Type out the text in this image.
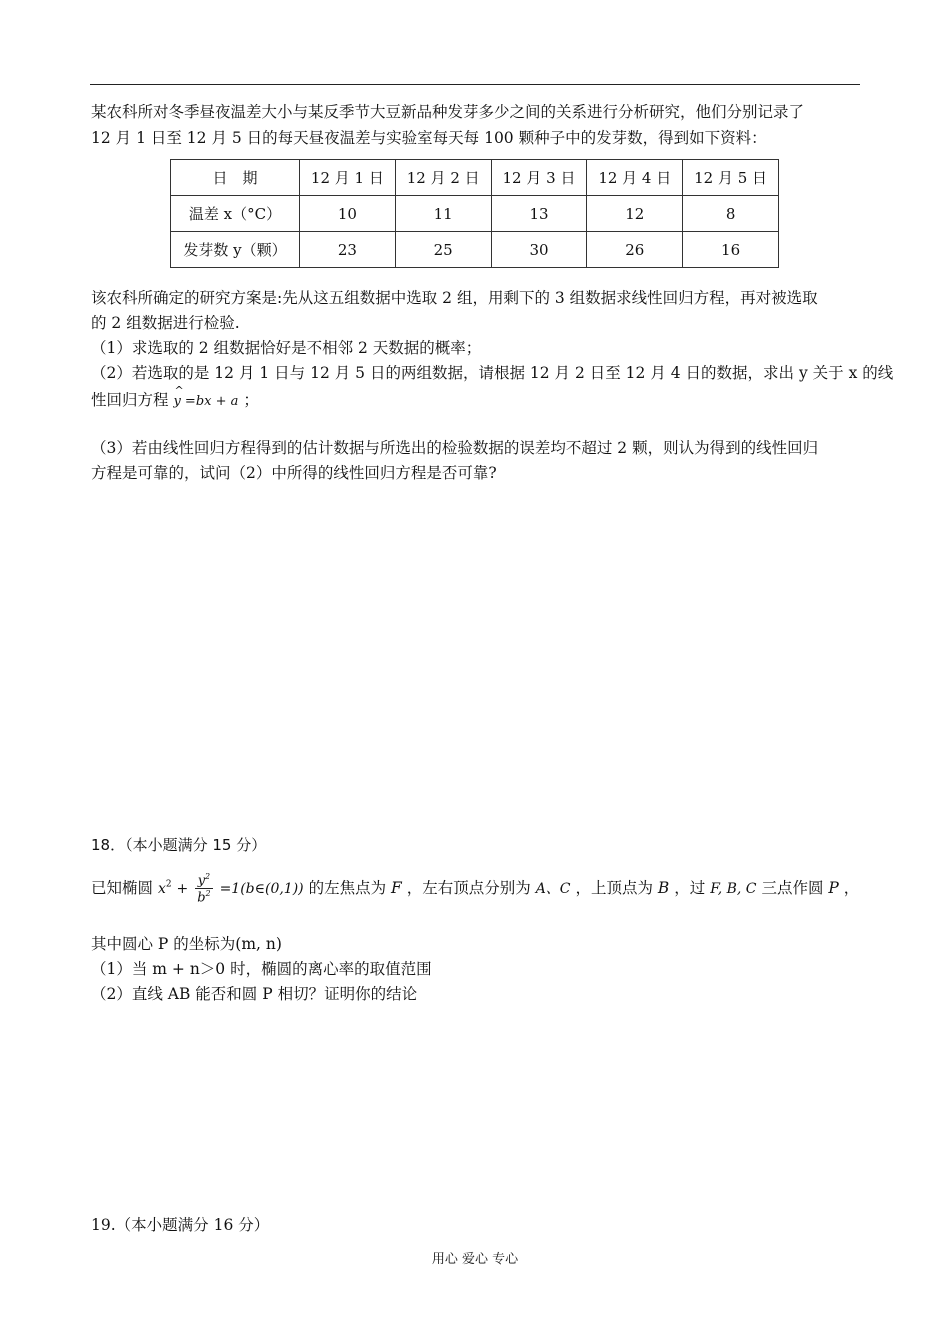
某农科所对冬季昼夜温差大小与某反季节大豆新品种发芽多少之间的关系进行分析研究，他们分别记录了
12 月 1 日至 12 月 5 日的每天昼夜温差与实验室每天每 100 颗种子中的发芽数，得到如下资料：
日　期	12 月 1 日	12 月 2 日	12 月 3 日	12 月 4 日	12 月 5 日
温差 x（°C）	10	11	13	12	8
发芽数 y（颗）	23	25	30	26	16
该农科所确定的研究方案是:先从这五组数据中选取 2 组，用剩下的 3 组数据求线性回归方程，再对被选取
的 2 组数据进行检验.
（1）求选取的 2 组数据恰好是不相邻 2 天数据的概率；
（2）若选取的是 12 月 1 日与 12 月 5 日的两组数据，请根据 12 月 2 日至 12 月 4 日的数据，求出 y 关于 x 的线
性回归方程 ^ y =bx + a ；
（3）若由线性回归方程得到的估计数据与所选出的检验数据的误差均不超过 2 颗，则认为得到的线性回归
方程是可靠的，试问（2）中所得的线性回归方程是否可靠?
18．（本小题满分 15 分）
已知椭圆 $x^2 + \frac{y^2}{b^2}$ =1(b∈(0,1)) 的左焦点为 F ，左右顶点分别为 A、C ，上顶点为 B ，过 F, B, C 三点作圆 P ，
其中圆心 P 的坐标为(m, n)
（1）当 m + n＞0 时，椭圆的离心率的取值范围
（2）直线 AB 能否和圆 P 相切？证明你的结论
19.（本小题满分 16 分）
用心 爱心 专心
